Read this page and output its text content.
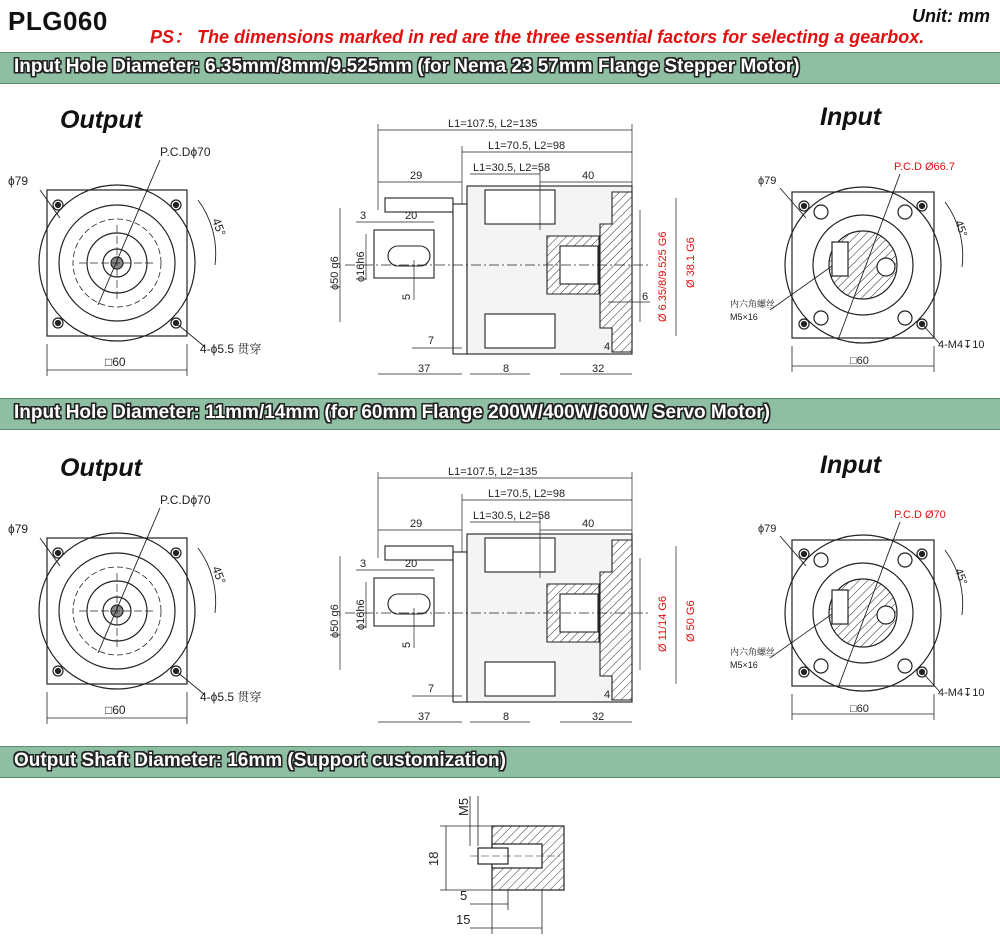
PLG060
PS： The dimensions marked in red are the three essential factors for selecting a gearbox.
Unit: mm
Input Hole Diameter: 6.35mm/8mm/9.525mm (for Nema 23 57mm Flange Stepper Motor)
Input Hole Diameter: 11mm/14mm (for 60mm Flange 200W/400W/600W Servo Motor)
Output Shaft Diameter: 16mm (Support customization)
Output
ϕ79
P.C.Dϕ70
45°
4-ϕ5.5 贯穿
□60
L1=107.5, L2=135
L1=70.5, L2=98
L1=30.5, L2=58
29	40
3	20
ϕ50 g6 ϕ16h6
5
7
37	8	32
6
4
Ø 6.35/8/9.525 G6 Ø 38.1 G6
Input
ϕ79
P.C.D Ø66.7
45°
内六角螺丝
M5×16
4-M4↧10
□60
Output
ϕ79
P.C.Dϕ70
45°
4-ϕ5.5 贯穿
□60
L1=107.5, L2=135
L1=70.5, L2=98
L1=30.5, L2=58
29	40
3	20
ϕ50 g6 ϕ16h6
5
7
37	8	32
4
Ø 11/14 G6 Ø 50 G6
Input
ϕ79
P.C.D Ø70
45°
内六角螺丝
M5×16
4-M4↧10
□60
M5
18
5
15
